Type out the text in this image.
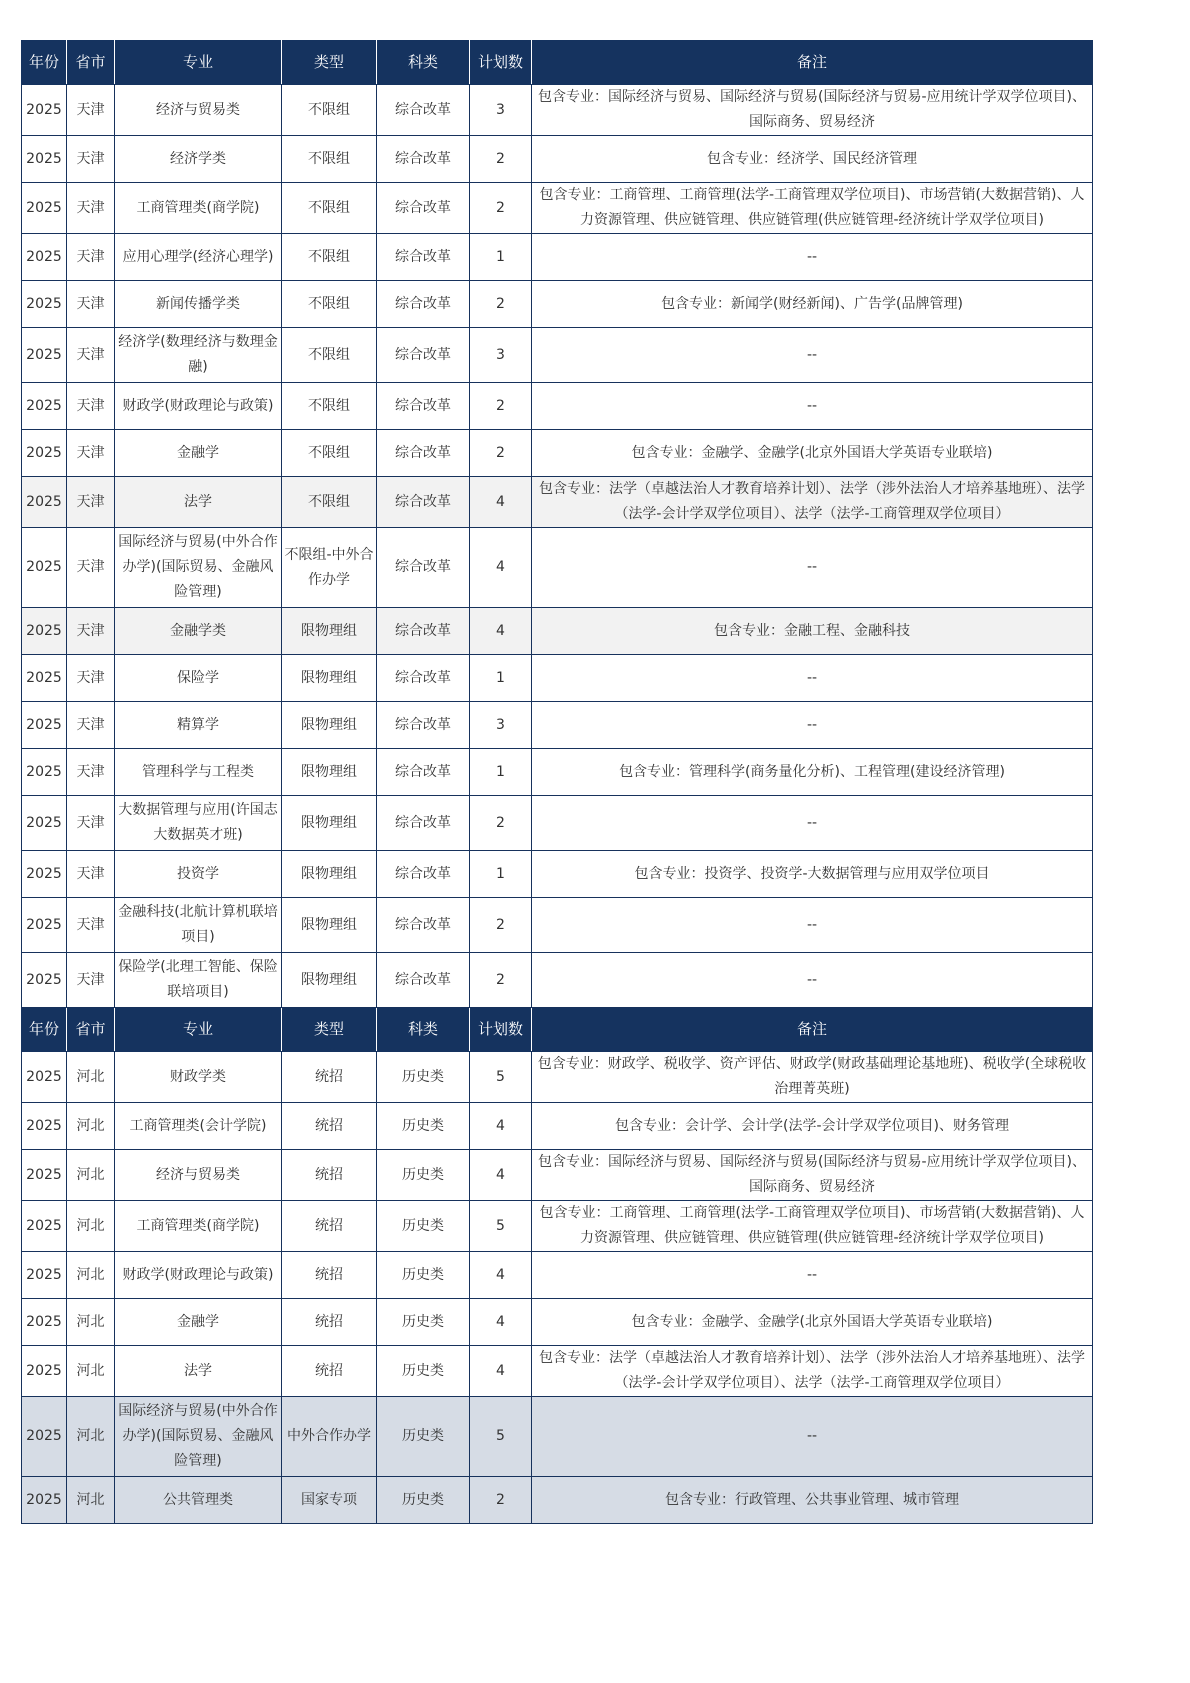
年份	省市	专业	类型	科类	计划数	备注
2025	天津	经济与贸易类	不限组	综合改革	3	包含专业：国际经济与贸易、国际经济与贸易(国际经济与贸易-应用统计学双学位项目)、国际商务、贸易经济
2025	天津	经济学类	不限组	综合改革	2	包含专业：经济学、国民经济管理
2025	天津	工商管理类(商学院)	不限组	综合改革	2	包含专业：工商管理、工商管理(法学-工商管理双学位项目)、市场营销(大数据营销)、人力资源管理、供应链管理、供应链管理(供应链管理-经济统计学双学位项目)
2025	天津	应用心理学(经济心理学)	不限组	综合改革	1	--
2025	天津	新闻传播学类	不限组	综合改革	2	包含专业：新闻学(财经新闻)、广告学(品牌管理)
2025	天津	经济学(数理经济与数理金融)	不限组	综合改革	3	--
2025	天津	财政学(财政理论与政策)	不限组	综合改革	2	--
2025	天津	金融学	不限组	综合改革	2	包含专业：金融学、金融学(北京外国语大学英语专业联培)
2025	天津	法学	不限组	综合改革	4	包含专业：法学（卓越法治人才教育培养计划）、法学（涉外法治人才培养基地班）、法学（法学-会计学双学位项目）、法学（法学-工商管理双学位项目）
2025	天津	国际经济与贸易(中外合作办学)(国际贸易、金融风险管理)	不限组-中外合作办学	综合改革	4	--
2025	天津	金融学类	限物理组	综合改革	4	包含专业：金融工程、金融科技
2025	天津	保险学	限物理组	综合改革	1	--
2025	天津	精算学	限物理组	综合改革	3	--
2025	天津	管理科学与工程类	限物理组	综合改革	1	包含专业：管理科学(商务量化分析)、工程管理(建设经济管理)
2025	天津	大数据管理与应用(许国志大数据英才班)	限物理组	综合改革	2	--
2025	天津	投资学	限物理组	综合改革	1	包含专业：投资学、投资学-大数据管理与应用双学位项目
2025	天津	金融科技(北航计算机联培项目)	限物理组	综合改革	2	--
2025	天津	保险学(北理工智能、保险联培项目)	限物理组	综合改革	2	--
年份	省市	专业	类型	科类	计划数	备注
2025	河北	财政学类	统招	历史类	5	包含专业：财政学、税收学、资产评估、财政学(财政基础理论基地班)、税收学(全球税收治理菁英班)
2025	河北	工商管理类(会计学院)	统招	历史类	4	包含专业：会计学、会计学(法学-会计学双学位项目)、财务管理
2025	河北	经济与贸易类	统招	历史类	4	包含专业：国际经济与贸易、国际经济与贸易(国际经济与贸易-应用统计学双学位项目)、国际商务、贸易经济
2025	河北	工商管理类(商学院)	统招	历史类	5	包含专业：工商管理、工商管理(法学-工商管理双学位项目)、市场营销(大数据营销)、人力资源管理、供应链管理、供应链管理(供应链管理-经济统计学双学位项目)
2025	河北	财政学(财政理论与政策)	统招	历史类	4	--
2025	河北	金融学	统招	历史类	4	包含专业：金融学、金融学(北京外国语大学英语专业联培)
2025	河北	法学	统招	历史类	4	包含专业：法学（卓越法治人才教育培养计划）、法学（涉外法治人才培养基地班）、法学（法学-会计学双学位项目）、法学（法学-工商管理双学位项目）
2025	河北	国际经济与贸易(中外合作办学)(国际贸易、金融风险管理)	中外合作办学	历史类	5	--
2025	河北	公共管理类	国家专项	历史类	2	包含专业：行政管理、公共事业管理、城市管理
